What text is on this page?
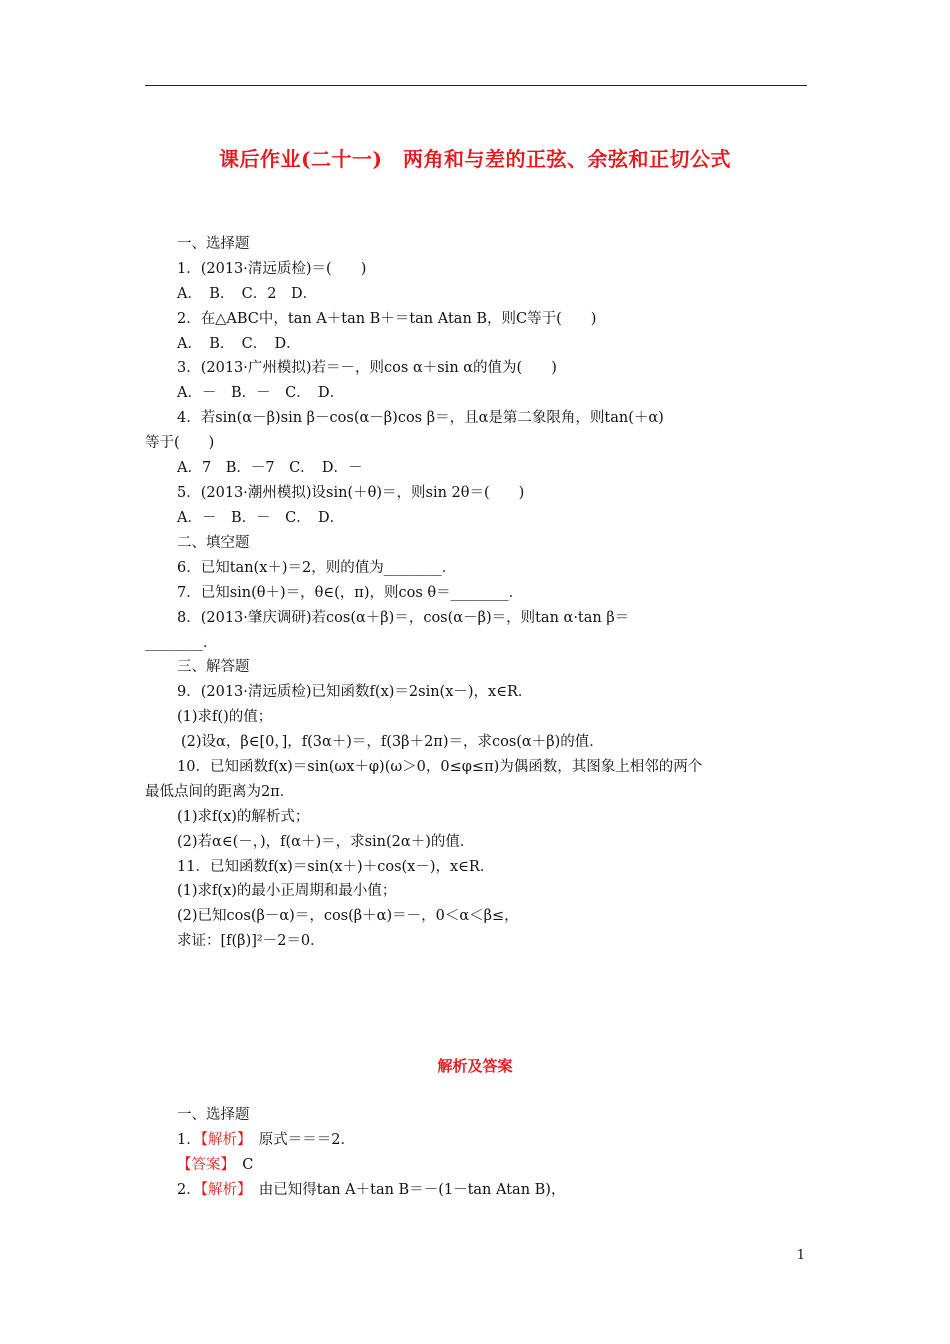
课后作业(二十一)　两角和与差的正弦、余弦和正切公式
一、选择题
1．(2013·清远质检)＝(　　)
A．　B．　C．2　D．
2．在△ABC中，tan A＋tan B＋＝tan Atan B，则C等于(　　)
A．　B．　C．　D．
3．(2013·广州模拟)若＝－，则cos α＋sin α的值为(　　)
A．－　B．－　C．　D．
4．若sin(α－β)sin β－cos(α－β)cos β＝，且α是第二象限角，则tan(＋α)
等于(　　)
A．7　B．－7　C．　D．－
5．(2013·潮州模拟)设sin(＋θ)＝，则sin 2θ＝(　　)
A．－　B．－　C．　D．
二、填空题
6．已知tan(x＋)＝2，则的值为________．
7．已知sin(θ＋)＝，θ∈(，π)，则cos θ＝________．
8．(2013·肇庆调研)若cos(α＋β)＝，cos(α－β)＝，则tan α·tan β＝
________．
三、解答题
9．(2013·清远质检)已知函数f(x)＝2sin(x－)，x∈R．
(1)求f()的值；
(2)设α，β∈[0，]，f(3α＋)＝，f(3β＋2π)＝，求cos(α＋β)的值．
10．已知函数f(x)＝sin(ωx＋φ)(ω＞0，0≤φ≤π)为偶函数，其图象上相邻的两个
最低点间的距离为2π．
(1)求f(x)的解析式；
(2)若α∈(－，)，f(α＋)＝，求sin(2α＋)的值．
11．已知函数f(x)＝sin(x＋)＋cos(x－)，x∈R．
(1)求f(x)的最小正周期和最小值；
(2)已知cos(β－α)＝，cos(β＋α)＝－，0＜α＜β≤，
求证：[f(β)]²－2＝0．
解析及答案
一、选择题
1．【解析】　 原式＝＝＝2．
【答案】　 C
2．【解析】　 由已知得tan A＋tan B＝－(1－tan Atan B)，
1
